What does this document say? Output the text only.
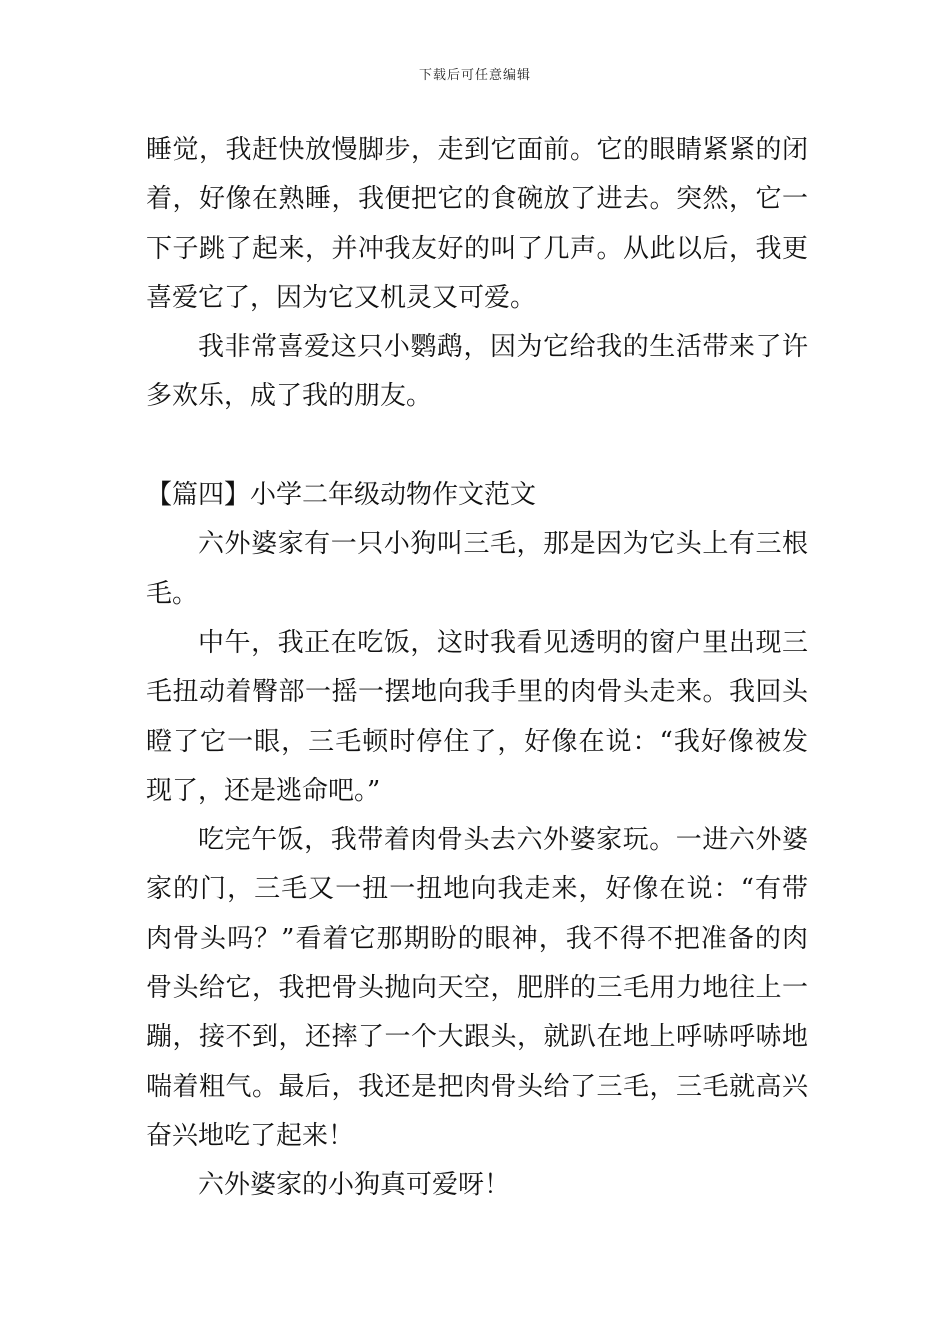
下载后可任意编辑
睡觉，我赶快放慢脚步，走到它面前。它的眼睛紧紧的闭
着，好像在熟睡，我便把它的食碗放了进去。突然，它一
下子跳了起来，并冲我友好的叫了几声。从此以后，我更
喜爱它了，因为它又机灵又可爱。
我非常喜爱这只小鹦鹉，因为它给我的生活带来了许
多欢乐，成了我的朋友。
【篇四】小学二年级动物作文范文
六外婆家有一只小狗叫三毛，那是因为它头上有三根
毛。
中午，我正在吃饭，这时我看见透明的窗户里出现三
毛扭动着臀部一摇一摆地向我手里的肉骨头走来。我回头
瞪了它一眼，三毛顿时停住了，好像在说：“我好像被发
现了，还是逃命吧。”
吃完午饭，我带着肉骨头去六外婆家玩。一进六外婆
家的门，三毛又一扭一扭地向我走来，好像在说：“有带
肉骨头吗？”看着它那期盼的眼神，我不得不把准备的肉
骨头给它，我把骨头抛向天空，肥胖的三毛用力地往上一
蹦，接不到，还摔了一个大跟头，就趴在地上呼哧呼哧地
喘着粗气。最后，我还是把肉骨头给了三毛，三毛就高兴
奋兴地吃了起来！
六外婆家的小狗真可爱呀！
